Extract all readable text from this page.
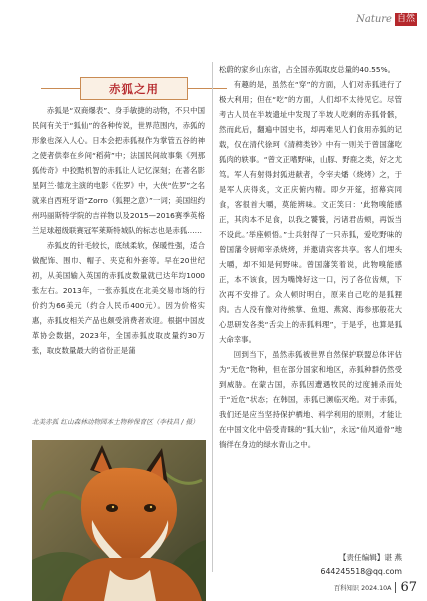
Nature 自然
赤狐之用

赤狐是“双商爆表”、身手敏捷的动物，不只中国民间有关于“狐仙”的各种传说，世界范围内，赤狐的形象也深入人心。日本会把赤狐视作为掌管五谷的神之使者供奉在乡间“稻荷”中；法国民间故事集《列那狐传奇》中狡黠机智的赤狐让人记忆深刻；在著名影星阿兰·德龙主演的电影《佐罗》中，大侠“佐罗”之名就来自西班牙语“Zorro（狐狸之意）”一词；美国纽约州玛丽斯特学院的吉祥物以及2015—2016赛季英格兰足球超级联赛冠军莱斯特城队的标志也是赤狐……

赤狐皮的针毛较长，底绒柔软，保暖性强，适合做配饰、围巾、帽子、夹克和外套等。早在20世纪初，从美国输入英国的赤狐皮数量就已达年均1000张左右。2013年，一张赤狐皮在北美交易市场的行价约为66美元（约合人民币400元）。因为价格实惠，赤狐皮相关产品也颇受消费者欢迎。根据中国皮革协会数据，2023年，全国赤狐皮取皮量约30万张，取皮数量最大的省份正是蒲

松蔚的家乡山东省，占全国赤狐取皮总量的40.55%。

有趣的是，虽然在“穿”的方面，人们对赤狐进行了极大利用；但在“吃”的方面，人们却不太待见它。尽管考古人员在半坡遗址中发现了半坡人吃剩的赤狐骨骸，然而此后，翻遍中国史书，却再难见人们食用赤狐的记载，仅在清代徐珂《清稗类钞》中有一则关于曾国藩吃狐肉的轶事。“曾文正嗜野味，山豚、野鹿之类，好之尤笃。军人有射得封狐进献者，令宰夫燔（烧烤）之，于是军人庆得炙，文正庆俯内精。即夕开筵，招幕宾同食，客很首大嚼，莫能辨味。文正笑曰：‘此物嗅能感正，其肉本不足食，以我之饕餮，污诸君齿颊，再饭当不设此。’举座顿悟。”士兵射得了一只赤狐，爱吃野味的曾国藩令厨师宰杀烧烤，并邀请宾客共享。客人们埋头大嚼，却不知是何野味。曾国藩笑着说，此物嗅能感正，本不该食，因为嘴馋好这一口，污了各位齿颊，下次再不安排了。众人顿时明白，原来自己吃的是狐狸肉。古人没有像对待熊掌、鱼翅、燕窝、海参那般花大心思研发各类“舌尖上的赤狐料理”，于是乎，也算是狐大命幸事。

回到当下，虽然赤狐被世界自然保护联盟总体评估为“无危”物种，但在部分国家和地区，赤狐种群仍然受到威胁。在蒙古国，赤狐因遭遇牧民的过度捕杀而处于“近危”状态；在韩国，赤狐已濒临灭绝。对于赤狐，我们还是应当坚持保护栖地、科学利用的原则，才能让在中国文化中倍受青睐的“狐大仙”，永远“仙风道骨”地徜徉在身边的绿水青山之中。

北美赤狐 红山森林动物园本土物种保育区（李枝昌 / 摄）
【责任编辑】谌 燕
644245518@qq.com
百科知识 2024.10A 67
